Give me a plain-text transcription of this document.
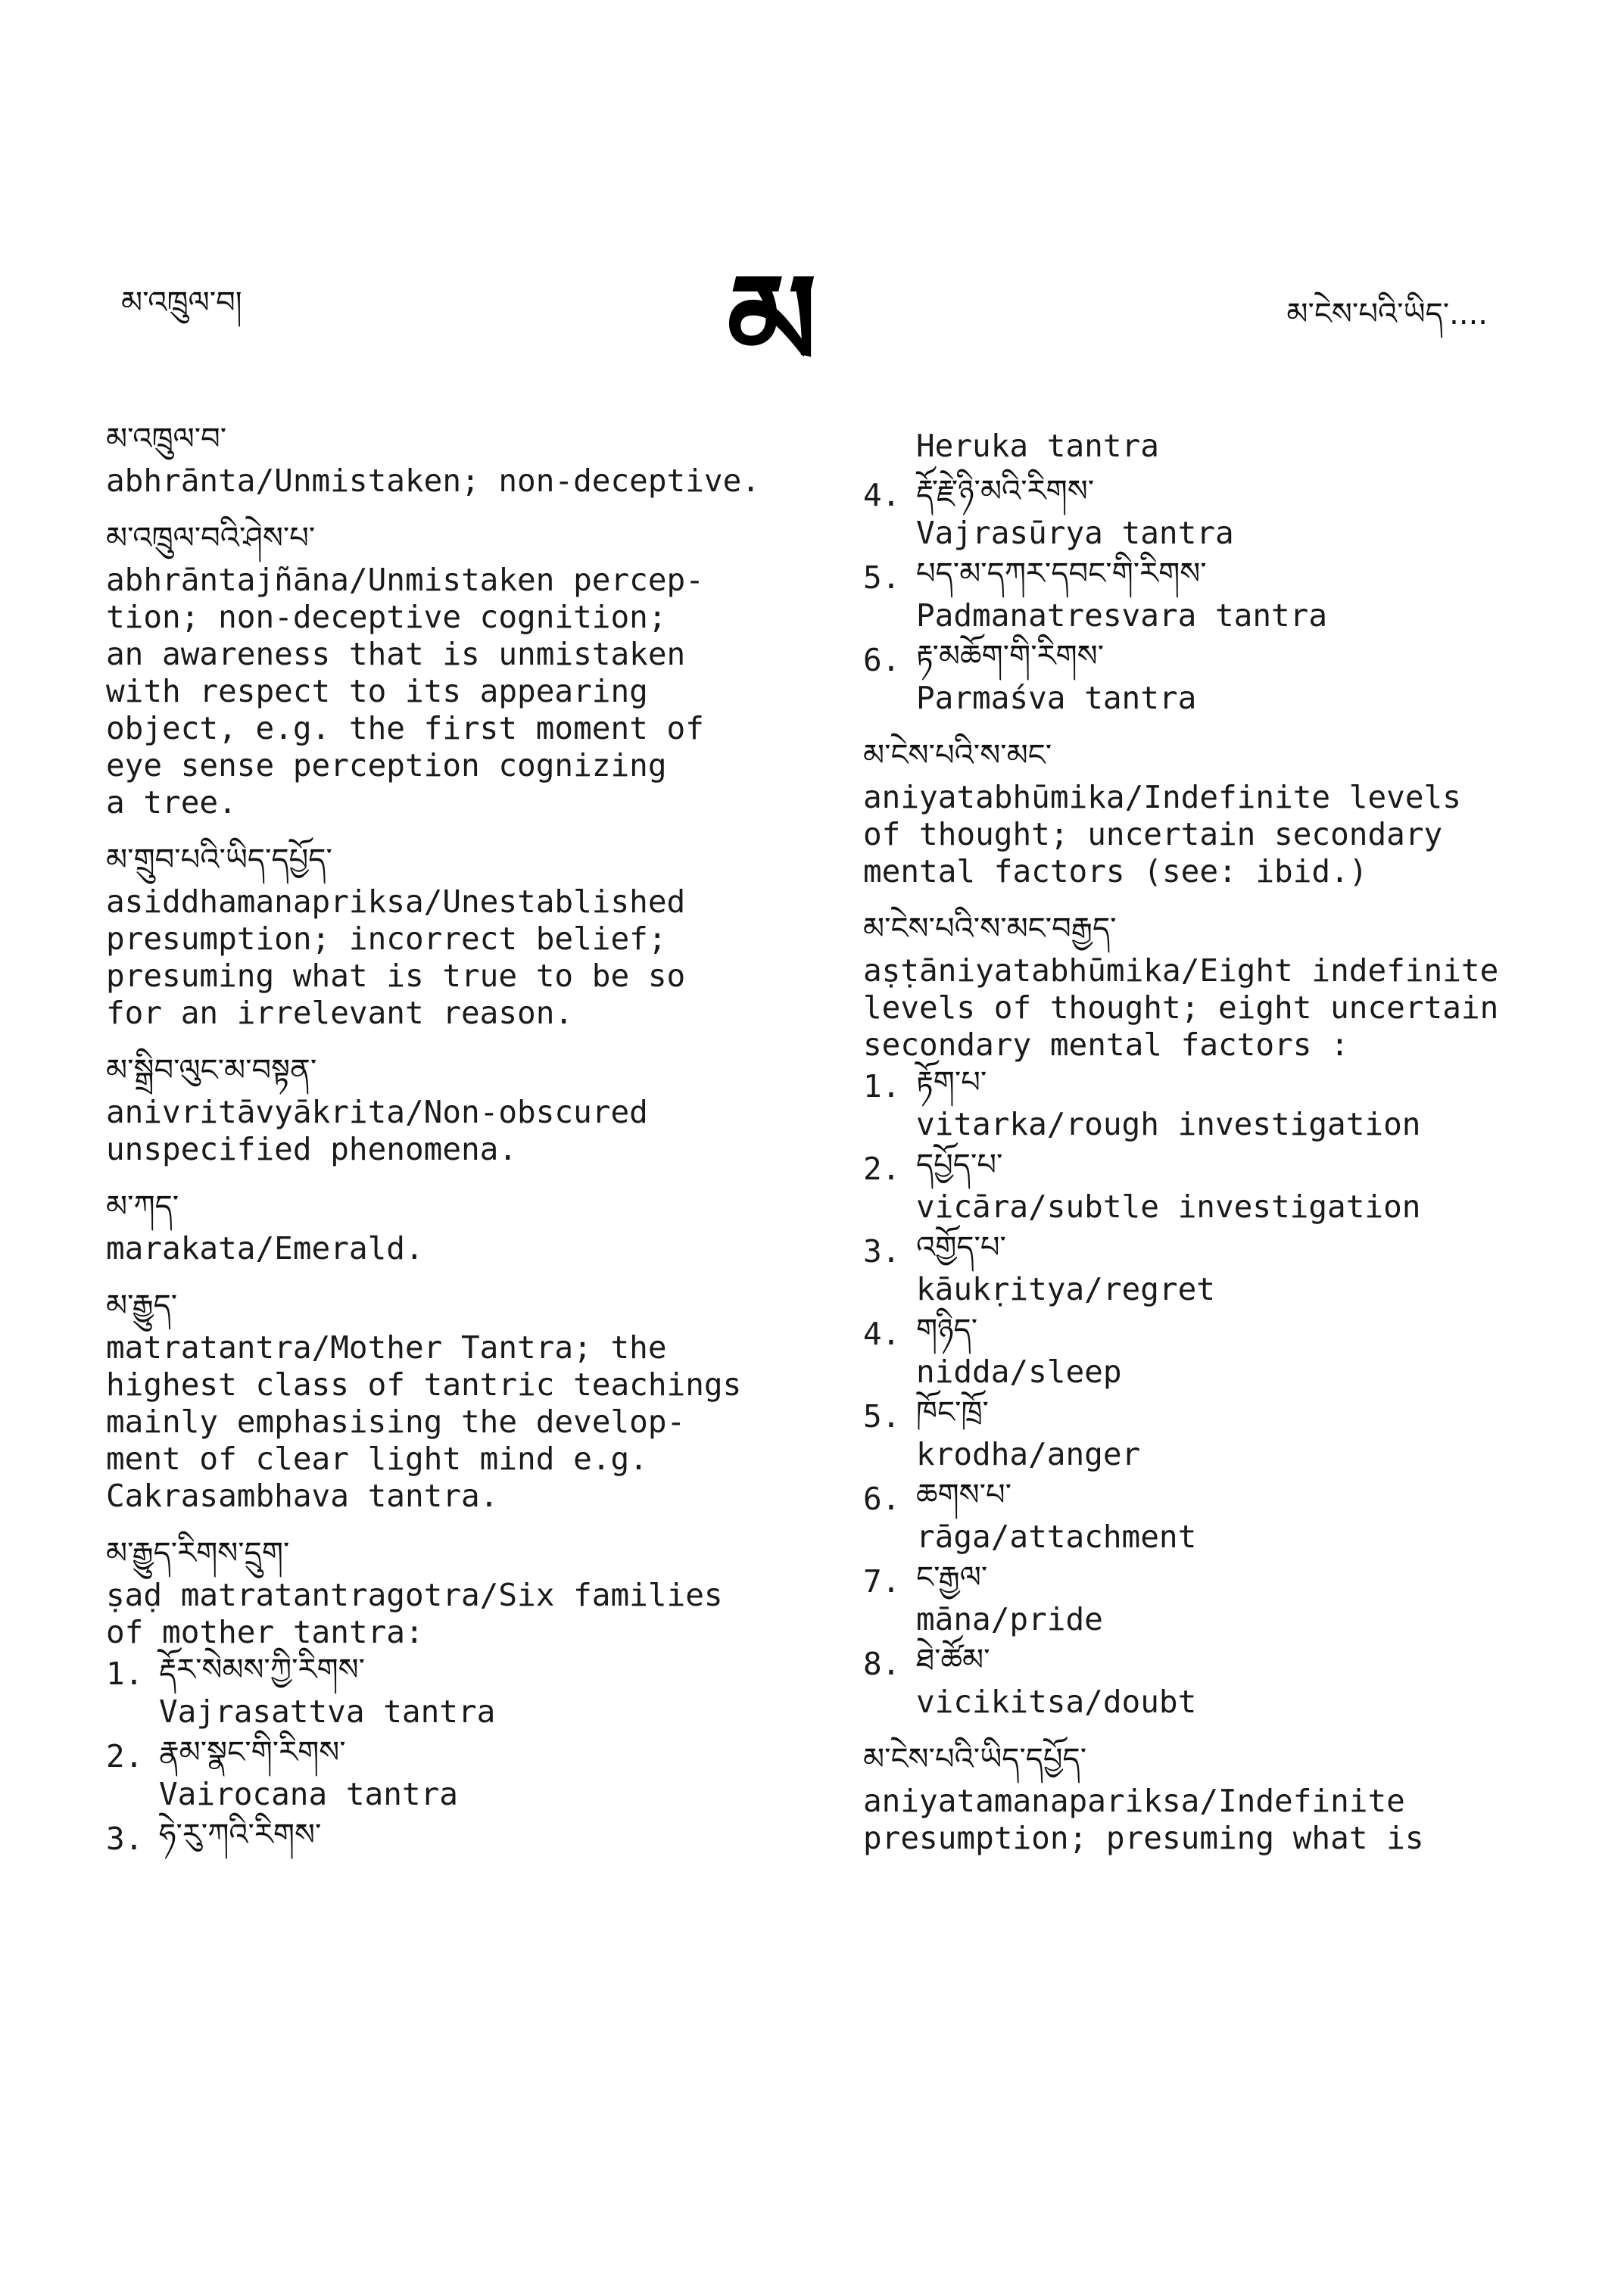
མ་འཁྲུལ་བ།	མ	མ་ངེས་པའི་ཡིད་....
མ་འཁྲུལ་བ་

abhrānta/Unmistaken; non-deceptive.

མ་འཁྲུལ་བའི་ཤེས་པ་

abhrāntajñāna/Unmistaken percep-
tion; non-deceptive cognition;
an awareness that is unmistaken
with respect to its appearing
object, e.g. the first moment of
eye sense perception cognizing
a tree.

མ་གྲུབ་པའི་ཡིད་དཔྱོད་

asiddhamanapriksa/Unestablished
presumption; incorrect belief;
presuming what is true to be so
for an irrelevant reason.

མ་སྒྲིབ་ལུང་མ་བསྟན་

anivritāvyākrita/Non-obscured
unspecified phenomena.

མ་ཀད་

marakata/Emerald.

མ་རྒྱུད་

matratantra/Mother Tantra; the
highest class of tantric teachings
mainly emphasising the develop-
ment of clear light mind e.g.
Cakrasambhava tantra.

མ་རྒྱུད་རིགས་དྲུག་

ṣaḍ matratantragotra/Six families
of mother tantra:

1. རྡོར་སེམས་ཀྱི་རིགས་
Vajrasattva tantra
2. རྣམ་སྣང་གི་རིགས་
Vairocana tantra
3. ཧེ་རུ་ཀའི་རིགས་
Heruka tantra
4. རྡོ་རྗེ་ཉི་མའི་རིགས་
Vajrasūrya tantra
5. པད་མ་དཀར་དབང་གི་རིགས་
Padmanatresvara tantra
6. རྟ་མཆོག་གི་རིགས་
Parmaśva tantra
མ་ངེས་པའི་ས་མང་

aniyatabhūmika/Indefinite levels
of thought; uncertain secondary
mental factors (see: ibid.)

མ་ངེས་པའི་ས་མང་བརྒྱད་

aṣṭāniyatabhūmika/Eight indefinite
levels of thought; eight uncertain
secondary mental factors :

1. རྟོག་པ་
vitarka/rough investigation
2. དཔྱོད་པ་
vicāra/subtle investigation
3. འགྱོད་པ་
kāukṛitya/regret
4. གཉིད་
nidda/sleep
5. ཁོང་ཁྲོ་
krodha/anger
6. ཆགས་པ་
rāga/attachment
7. ང་རྒྱལ་
māna/pride
8. ཐེ་ཚོམ་
vicikitsa/doubt
མ་ངེས་པའི་ཡིད་དཔྱོད་

aniyatamanapariksa/Indefinite
presumption; presuming what is
